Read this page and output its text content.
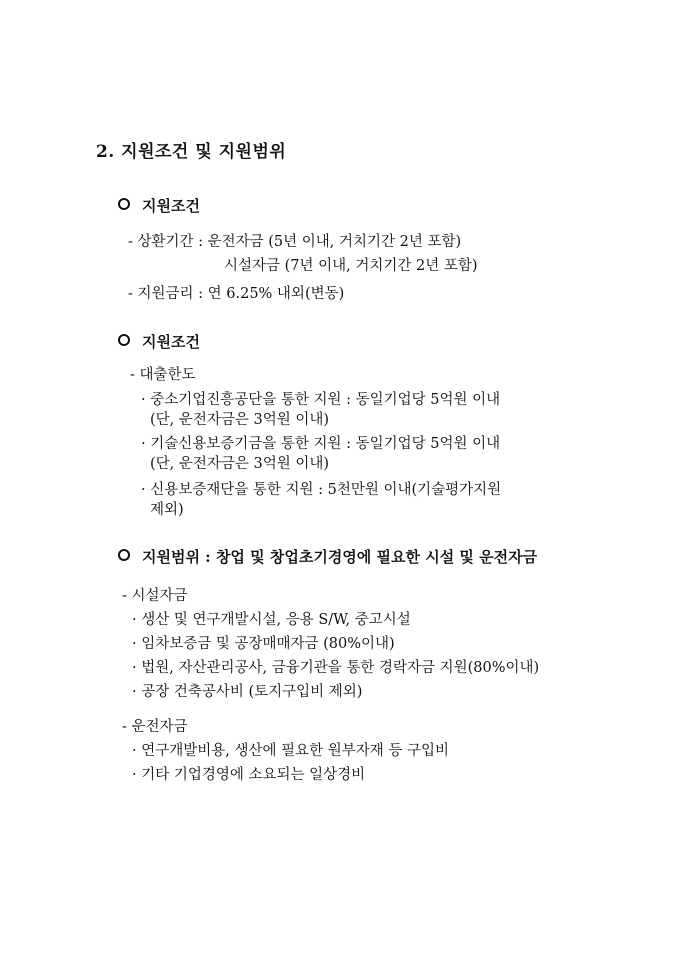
2. 지원조건 및 지원범위
지원조건
- 상환기간 : 운전자금 (5년 이내, 거치기간 2년 포함)
시설자금 (7년 이내, 거치기간 2년 포함)
- 지원금리 : 연 6.25% 내외(변동)
지원조건
- 대출한도
· 중소기업진흥공단을 통한 지원 : 동일기업당 5억원 이내
(단, 운전자금은 3억원 이내)
· 기술신용보증기금을 통한 지원 : 동일기업당 5억원 이내
(단, 운전자금은 3억원 이내)
· 신용보증재단을 통한 지원 : 5천만원 이내(기술평가지원
제외)
지원범위 : 창업 및 창업초기경영에 필요한 시설 및 운전자금
- 시설자금
· 생산 및 연구개발시설, 응용 S/W, 중고시설
· 임차보증금 및 공장매매자금 (80%이내)
· 법원, 자산관리공사, 금융기관을 통한 경락자금 지원(80%이내)
· 공장 건축공사비 (토지구입비 제외)
- 운전자금
· 연구개발비용, 생산에 필요한 원부자재 등 구입비
· 기타 기업경영에 소요되는 일상경비
